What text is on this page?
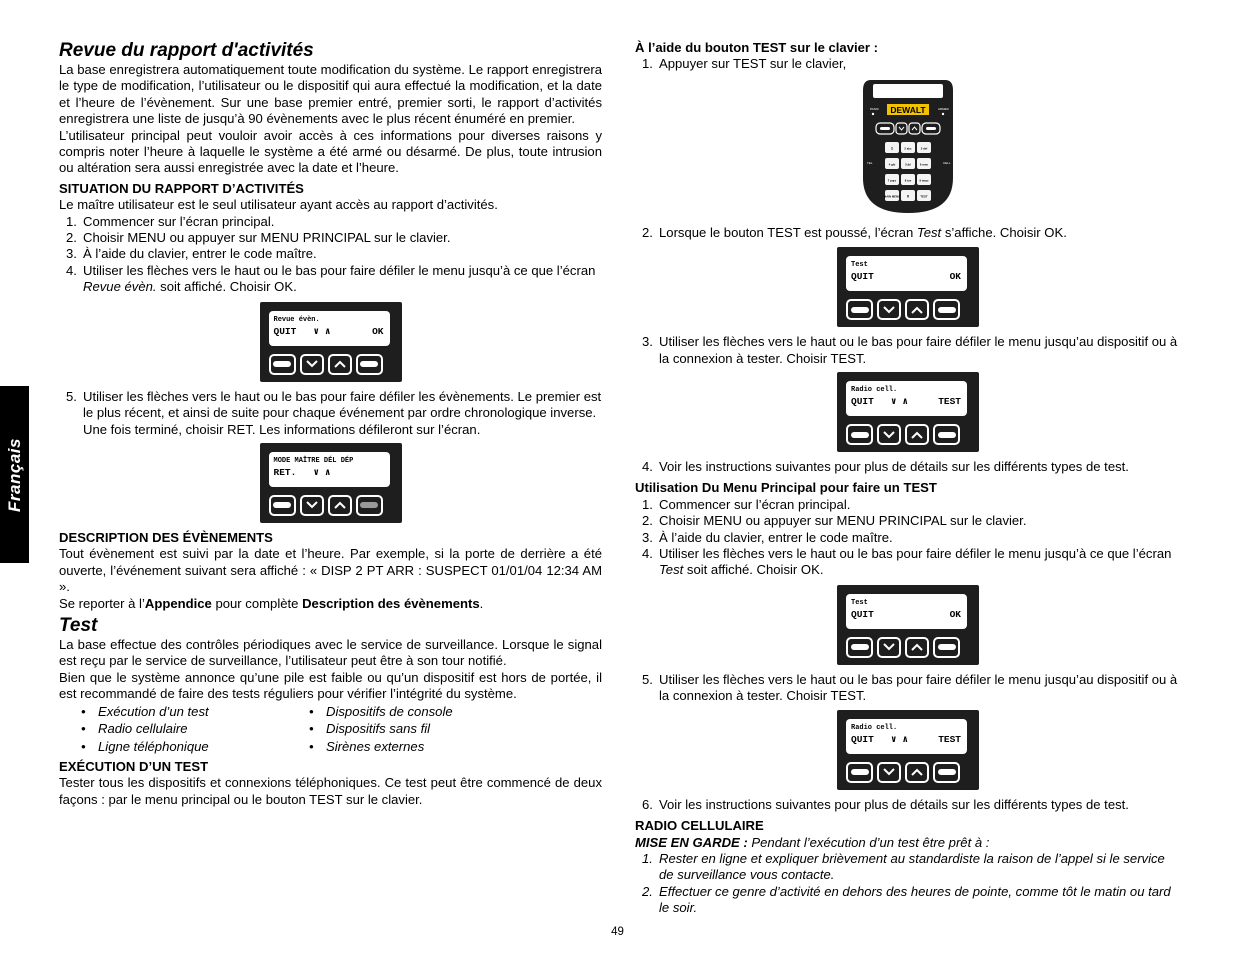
Français
Revue du rapport d'activités

La base enregistrera automatiquement toute modification du système. Le rapport enregistrera le type de modification, l’utilisateur ou le dispositif qui aura effectué la modification, et la date et l’heure de l’évènement. Sur une base premier entré, premier sorti, le rapport d’activités enregistrera une liste de jusqu’à 90 évènements avec le plus récent énuméré en premier.

L’utilisateur principal peut vouloir avoir accès à ces informations pour diverses raisons y compris noter l’heure à laquelle le système a été armé ou désarmé. De plus, toute intrusion ou altération sera aussi enregistrée avec la date et l’heure.

SITUATION DU RAPPORT D’ACTIVITÉS

Le maître utilisateur est le seul utilisateur ayant accès au rapport d’activités.

1. Commencer sur l’écran principal.
2. Choisir MENU ou appuyer sur MENU PRINCIPAL sur le clavier.
3. À l’aide du clavier, entrer le code maître.
4. Utiliser les flèches vers le haut ou le bas pour faire défiler le menu jusqu’à ce que l’écran
Revue évèn. soit affiché. Choisir OK.
Revue évèn.
QUIT   ∨ ∧	OK
5. Utiliser les flèches vers le haut ou le bas pour faire défiler les évènements. Le premier est le plus récent, et ainsi de suite pour chaque événement par ordre chronologique inverse. Une fois terminé, choisir RET. Les informations défileront sur l’écran.
MODE MAÎTRE DÉL DÉP
RET.   ∨ ∧
DESCRIPTION DES ÉVÈNEMENTS

Tout évènement est suivi par la date et l’heure. Par exemple, si la porte de derrière a été ouverte, l’événement suivant sera affiché : « DISP 2 PT ARR : SUSPECT 01/01/04 12:34 AM ».

Se reporter à l’Appendice pour complète Description des évènements.

Test

La base effectue des contrôles périodiques avec le service de surveillance. Lorsque le signal est reçu par le service de surveillance, l’utilisateur peut être à son tour notifié.

Bien que le système annonce qu’une pile est faible ou qu’un dispositif est hors de portée, il est recommandé de faire des tests réguliers pour vérifier l’intégrité du système.

• Exécution d’un test	• Dispositifs de console
• Radio cellulaire	• Dispositifs sans fil
• Ligne téléphonique	• Sirènes externes
EXÉCUTION D’UN TEST

Tester tous les dispositifs et connexions téléphoniques. Ce test peut être commencé de deux façons : par le menu principal ou le bouton TEST sur le clavier.

À l’aide du bouton TEST sur le clavier :
1. Appuyer sur TEST sur le clavier,
DEWALT
PANIC	ARMED
TEL	CELL
1	2 abc	3 def
4 ghi	5 jkl	6 mno
7 pqrs	8 tuv	9 wxyz
MAIN MENU 0	TEST
2. Lorsque le bouton TEST est poussé, l’écran Test s’affiche. Choisir OK.
Test
QUIT	OK
3. Utiliser les flèches vers le haut ou le bas pour faire défiler le menu jusqu’au dispositif ou à la connexion à tester. Choisir TEST.
Radio cell.
QUIT   ∨ ∧	TEST
4. Voir les instructions suivantes pour plus de détails sur les différents types de test.
Utilisation Du Menu Principal pour faire un TEST
1. Commencer sur l’écran principal.
2. Choisir MENU ou appuyer sur MENU PRINCIPAL sur le clavier.
3. À l’aide du clavier, entrer le code maître.
4. Utiliser les flèches vers le haut ou le bas pour faire défiler le menu jusqu’à ce que l’écran Test soit affiché. Choisir OK.
Test
QUIT	OK
5. Utiliser les flèches vers le haut ou le bas pour faire défiler le menu jusqu’au dispositif ou à la connexion à tester. Choisir TEST.
Radio cell.
QUIT   ∨ ∧	TEST
6. Voir les instructions suivantes pour plus de détails sur les différents types de test.
RADIO CELLULAIRE

MISE EN GARDE : Pendant l’exécution d’un test être prêt à :

1. Rester en ligne et expliquer brièvement au standardiste la raison de l’appel si le service de surveillance vous contacte.
2. Effectuer ce genre d’activité en dehors des heures de pointe, comme tôt le matin ou tard le soir.
49
